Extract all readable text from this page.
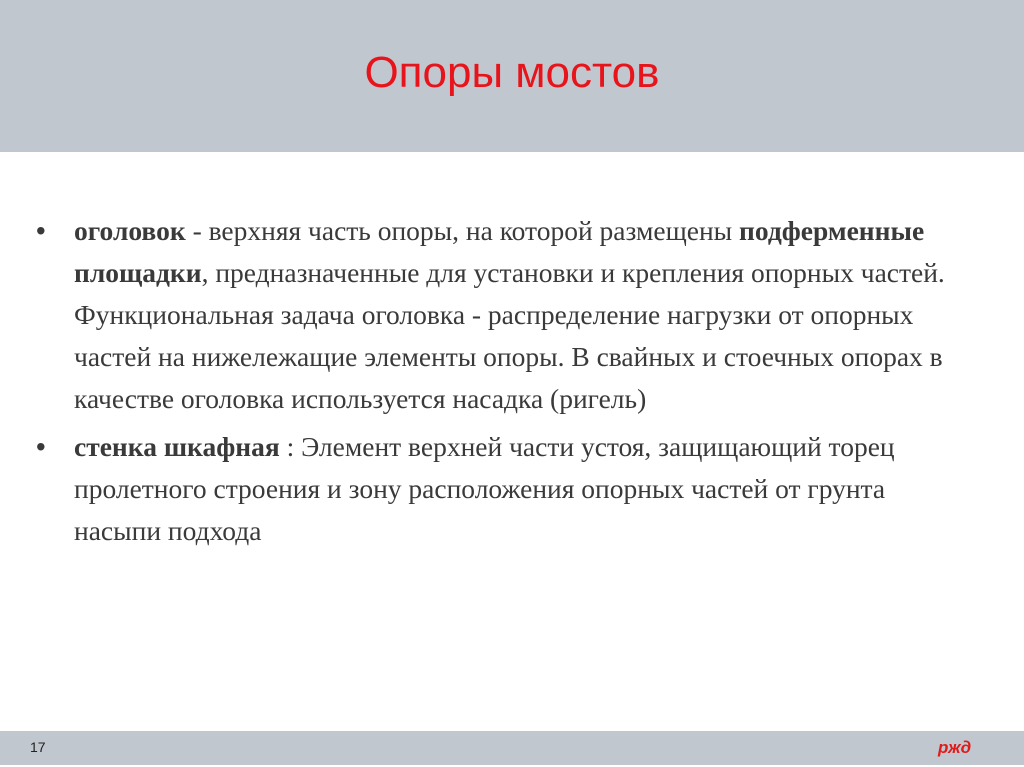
Опоры мостов
• оголовок - верхняя часть опоры, на которой размещены подферменные площадки, предназначенные для установки и крепления опорных частей. Функциональная задача оголовка - распределение нагрузки от опорных частей на нижележащие элементы опоры. В свайных и стоечных опорах в качестве оголовка используется насадка (ригель)
• стенка шкафная : Элемент верхней части устоя, защищающий торец пролетного строения и зону расположения опорных частей от грунта насыпи подхода
17	ржд
